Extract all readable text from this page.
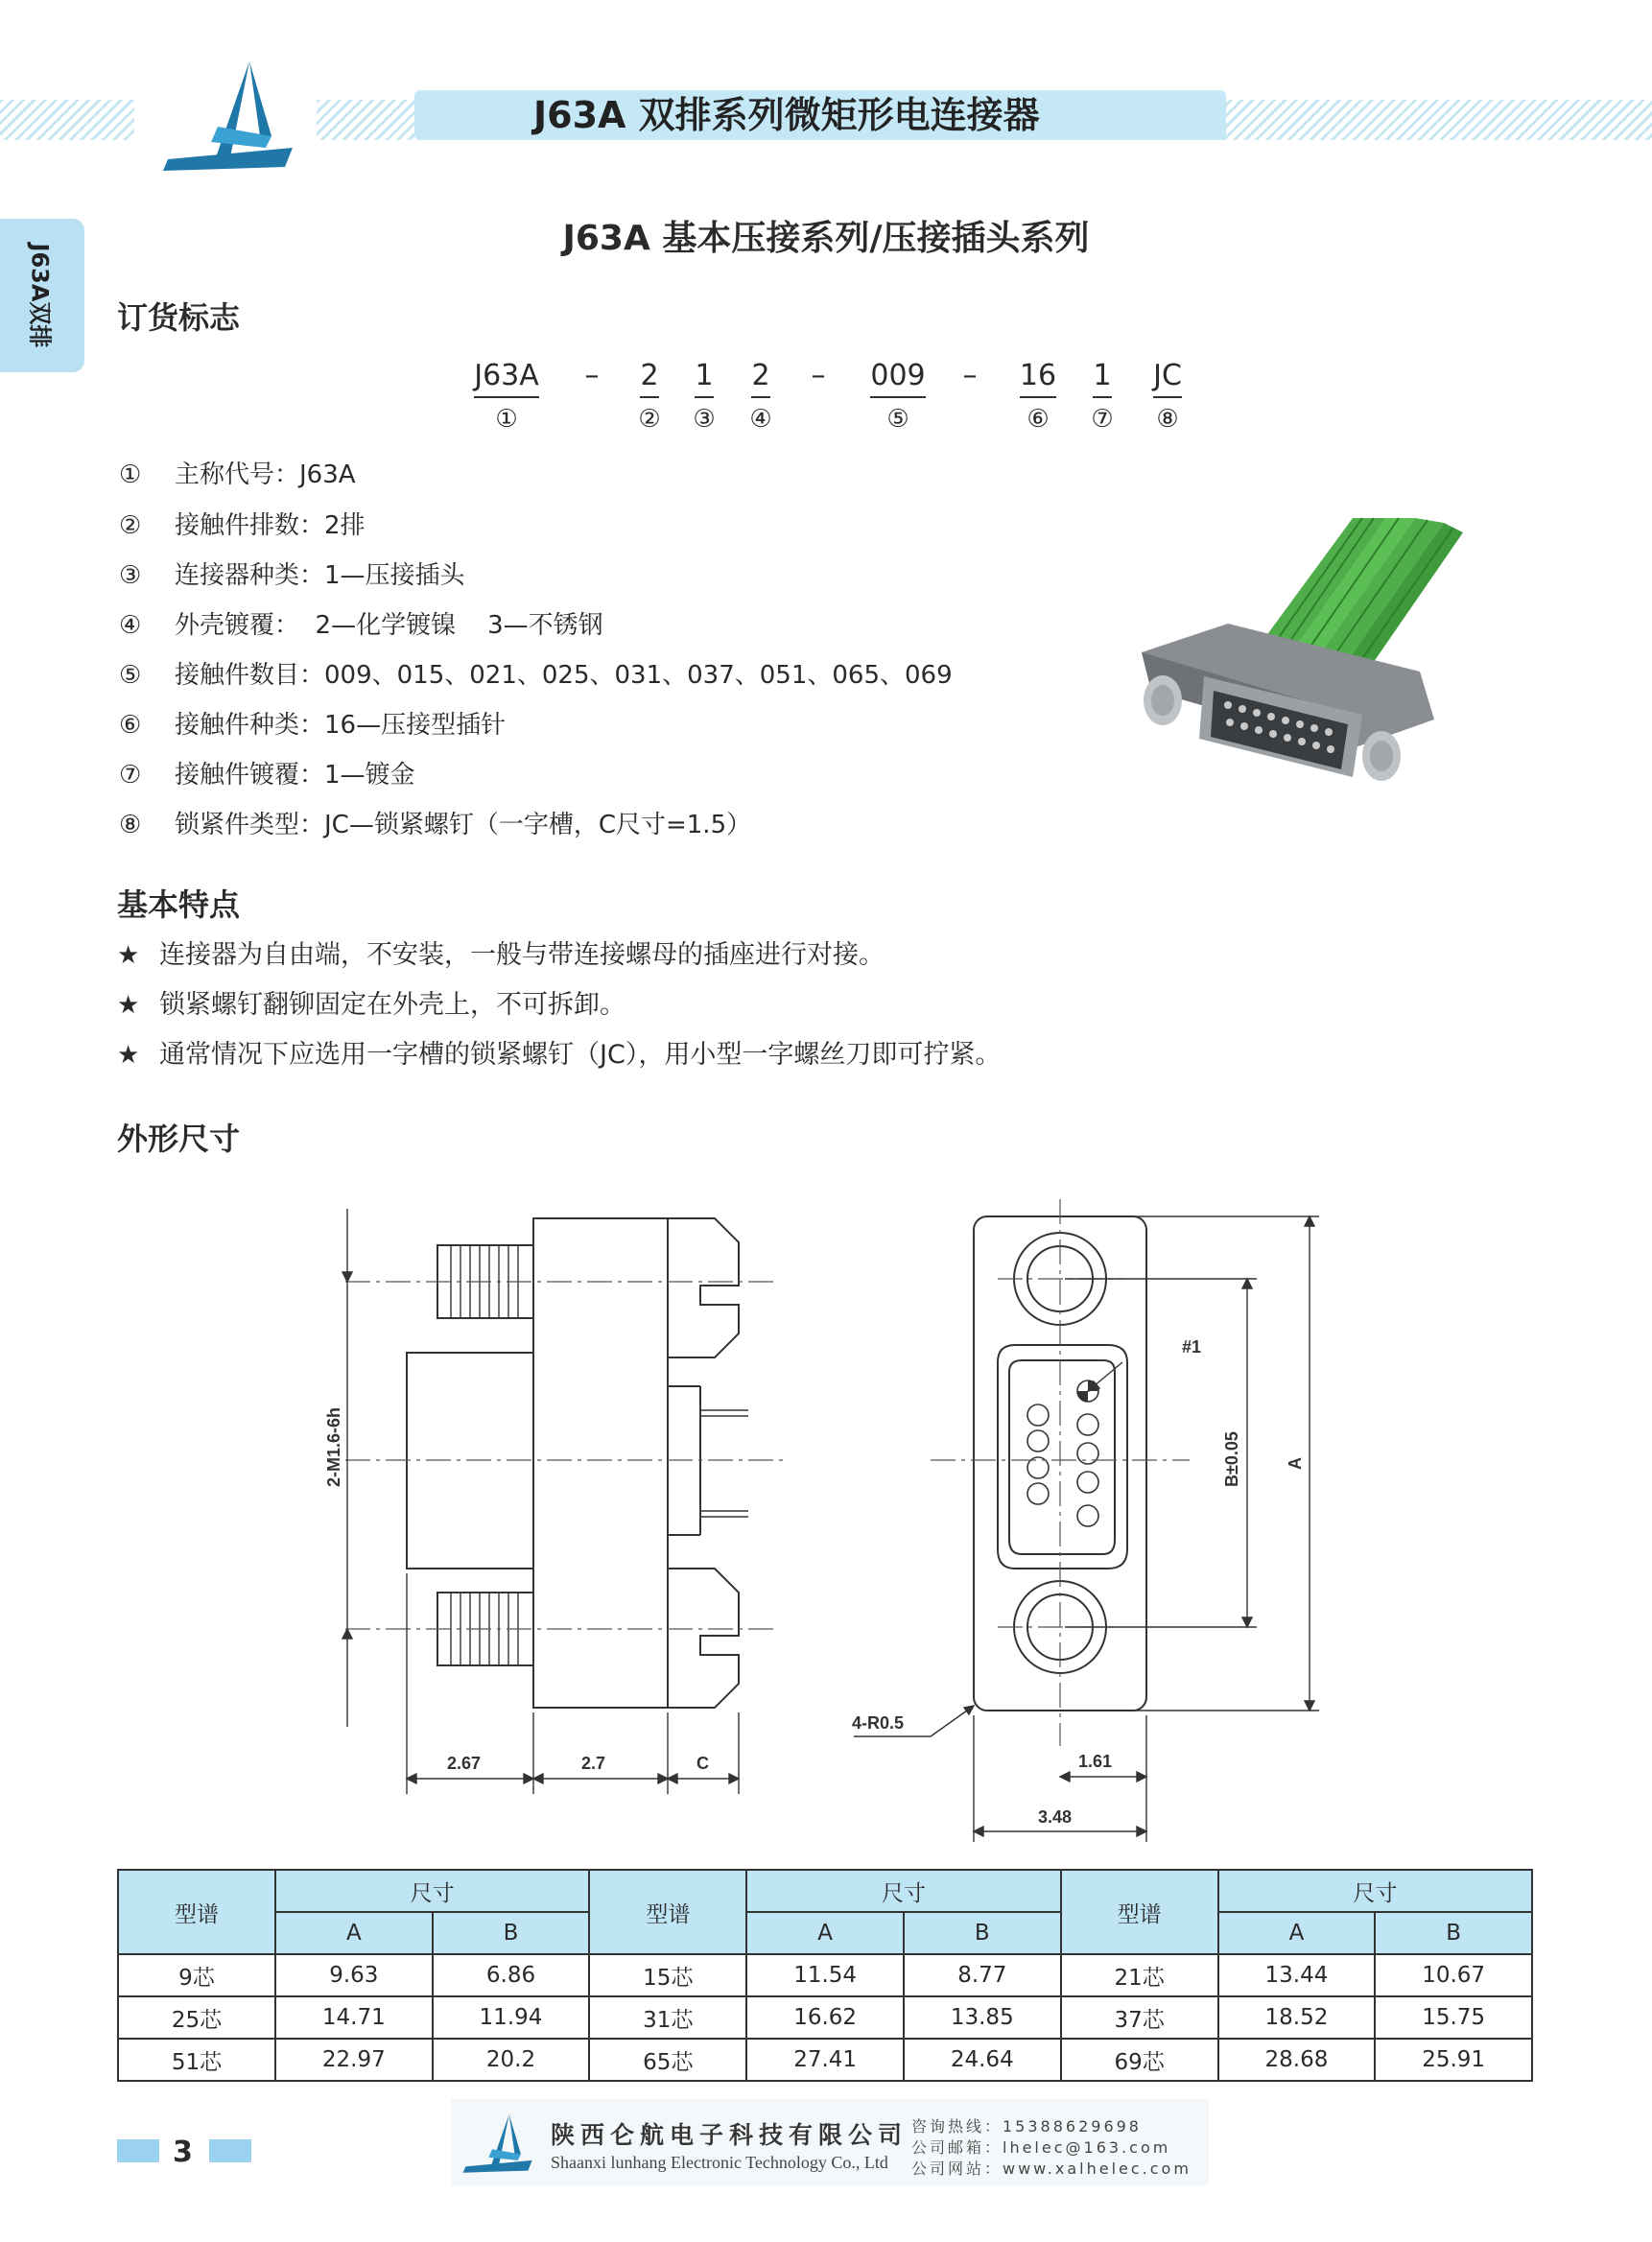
J63A 双排系列微矩形电连接器
J63A双排
J63A 基本压接系列/压接插头系列
订货标志
J63A – 2 1 2 –	009	– 16 1	JC
①	②	③	④	⑤	⑥	⑦	⑧
① 主称代号：J63A
② 接触件排数：2排
③ 连接器种类：1—压接插头
④ 外壳镀覆：  2—化学镀镍    3—不锈钢
⑤ 接触件数目：009、015、021、025、031、037、051、065、069
⑥ 接触件种类：16—压接型插针
⑦ 接触件镀覆：1—镀金
⑧ 锁紧件类型：JC—锁紧螺钉（一字槽，C尺寸=1.5）
基本特点
★ 连接器为自由端，不安装，一般与带连接螺母的插座进行对接。
★ 锁紧螺钉翻铆固定在外壳上，不可拆卸。
★ 通常情况下应选用一字槽的锁紧螺钉（JC），用小型一字螺丝刀即可拧紧。
外形尺寸
2-M1.6-6h
2.67	2.7	C
#1
B±0.05	A
4-R0.5
1.61
3.48
型谱	尺寸		型谱	尺寸		型谱	尺寸	
	A	B		A	B		A	B
9芯	9.63	6.86	15芯	11.54	8.77	21芯	13.44	10.67
25芯	14.71	11.94	31芯	16.62	13.85	37芯	18.52	15.75
51芯	22.97	20.2	65芯	27.41	24.64	69芯	28.68	25.91
3
陕西仑航电子科技有限公司
Shaanxi lunhang Electronic Technology Co., Ltd
咨询热线：15388629698
公司邮箱：lhelec@163.com
公司网站：www.xalhelec.com
